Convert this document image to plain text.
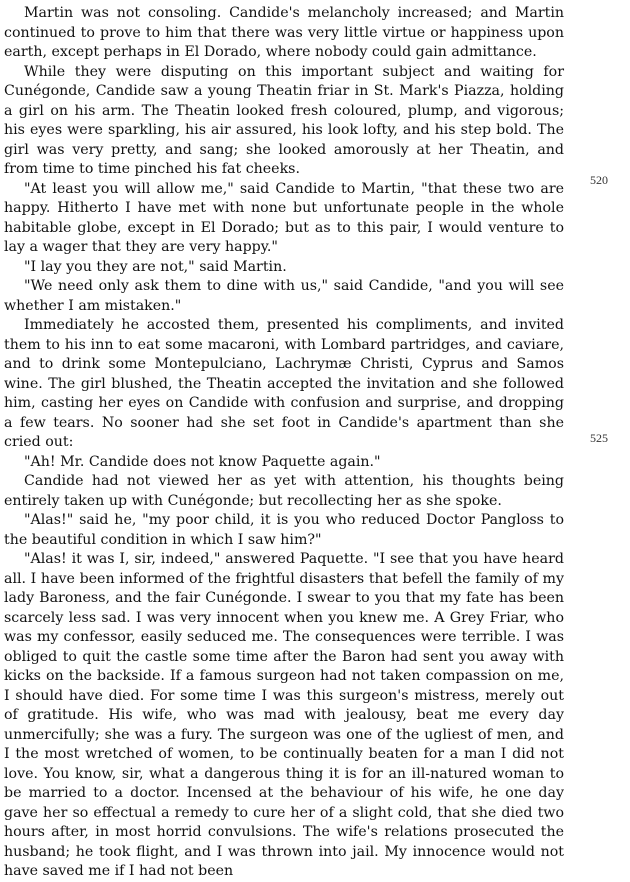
Martin was not consoling. Candide's melancholy increased; and Martin continued to prove to him that there was very little virtue or happiness upon earth, except perhaps in El Dorado, where nobody could gain admittance.

While they were disputing on this important subject and waiting for Cunégonde, Candide saw a young Theatin friar in St. Mark's Piazza, holding a girl on his arm. The Theatin looked fresh coloured, plump, and vigorous; his eyes were sparkling, his air assured, his look lofty, and his step bold. The girl was very pretty, and sang; she looked amorously at her Theatin, and from time to time pinched his fat cheeks.

"At least you will allow me," said Candide to Martin, "that these two are happy. Hitherto I have met with none but unfortunate people in the whole habitable globe, except in El Dorado; but as to this pair, I would venture to lay a wager that they are very happy."

"I lay you they are not," said Martin.

"We need only ask them to dine with us," said Candide, "and you will see whether I am mistaken."

Immediately he accosted them, presented his compliments, and invited them to his inn to eat some macaroni, with Lombard partridges, and caviare, and to drink some Montepulciano, Lachrymæ Christi, Cyprus and Samos wine. The girl blushed, the Theatin accepted the invitation and she followed him, casting her eyes on Candide with confusion and surprise, and dropping a few tears. No sooner had she set foot in Candide's apartment than she cried out:

"Ah! Mr. Candide does not know Paquette again."

Candide had not viewed her as yet with attention, his thoughts being entirely taken up with Cunégonde; but recollecting her as she spoke.

"Alas!" said he, "my poor child, it is you who reduced Doctor Pangloss to the beautiful condition in which I saw him?"

"Alas! it was I, sir, indeed," answered Paquette. "I see that you have heard all. I have been informed of the frightful disasters that befell the family of my lady Baroness, and the fair Cunégonde. I swear to you that my fate has been scarcely less sad. I was very innocent when you knew me. A Grey Friar, who was my confessor, easily seduced me. The consequences were terrible. I was obliged to quit the castle some time after the Baron had sent you away with kicks on the backside. If a famous surgeon had not taken compassion on me, I should have died. For some time I was this surgeon's mistress, merely out of gratitude. His wife, who was mad with jealousy, beat me every day unmercifully; she was a fury. The surgeon was one of the ugliest of men, and I the most wretched of women, to be continually beaten for a man I did not love. You know, sir, what a dangerous thing it is for an ill-natured woman to be married to a doctor. Incensed at the behaviour of his wife, he one day gave her so effectual a remedy to cure her of a slight cold, that she died two hours after, in most horrid convulsions. The wife's relations prosecuted the husband; he took flight, and I was thrown into jail. My innocence would not have saved me if I had not been

520
525
